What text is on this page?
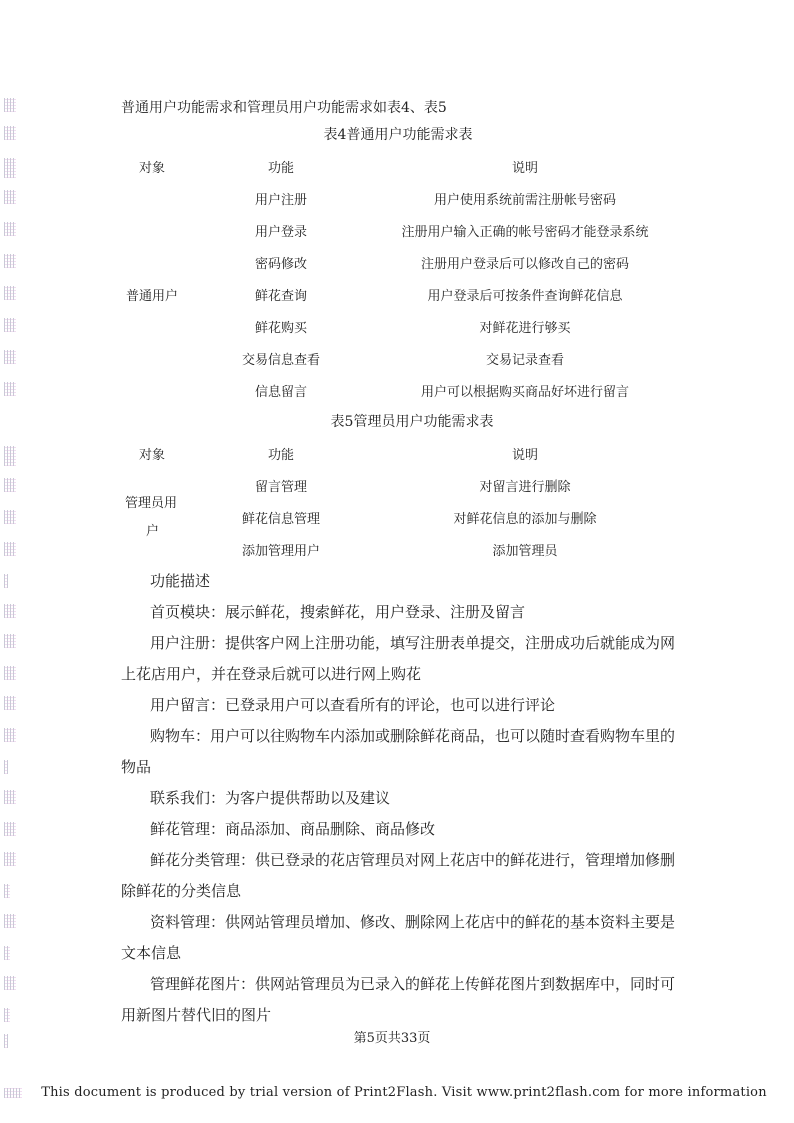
普通用户功能需求和管理员用户功能需求如表4、表5
表4普通用户功能需求表
对象	功能	说明
普通用户
用户注册	用户使用系统前需注册帐号密码
用户登录	注册用户输入正确的帐号密码才能登录系统
密码修改	注册用户登录后可以修改自己的密码
鲜花查询	用户登录后可按条件查询鲜花信息
鲜花购买	对鲜花进行够买
交易信息查看	交易记录查看
信息留言	用户可以根据购买商品好坏进行留言
表5管理员用户功能需求表
对象	功能	说明
管理员用
户
留言管理	对留言进行删除
鲜花信息管理	对鲜花信息的添加与删除
添加管理用户	添加管理员
功能描述
首页模块：展示鲜花，搜索鲜花，用户登录、注册及留言
用户注册：提供客户网上注册功能，填写注册表单提交，注册成功后就能成为网上花店用户，并在登录后就可以进行网上购花
用户留言：已登录用户可以查看所有的评论，也可以进行评论
购物车：用户可以往购物车内添加或删除鲜花商品，也可以随时查看购物车里的物品
联系我们：为客户提供帮助以及建议
鲜花管理：商品添加、商品删除、商品修改
鲜花分类管理：供已登录的花店管理员对网上花店中的鲜花进行，管理增加修删除鲜花的分类信息
资料管理：供网站管理员增加、修改、删除网上花店中的鲜花的基本资料主要是文本信息
管理鲜花图片：供网站管理员为已录入的鲜花上传鲜花图片到数据库中，同时可用新图片替代旧的图片
第5页共33页
This document is produced by trial version of Print2Flash. Visit www.print2flash.com for more information
